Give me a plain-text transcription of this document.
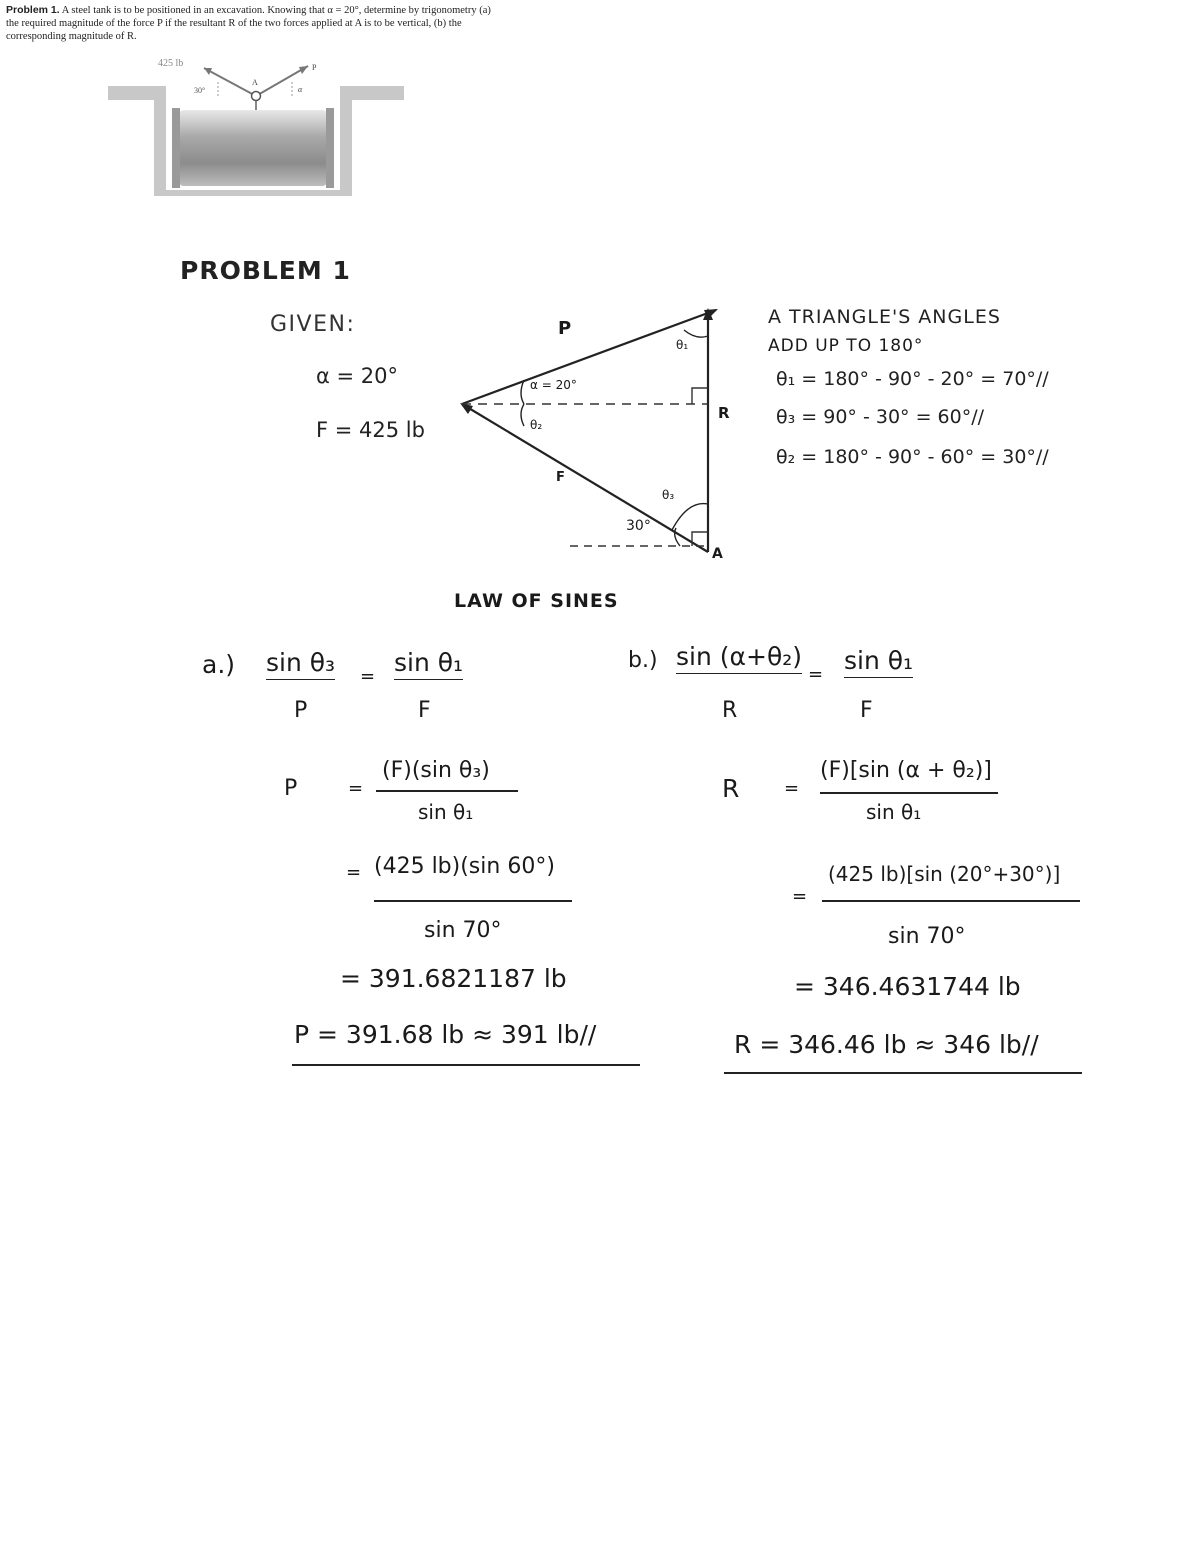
Problem 1. A steel tank is to be positioned in an excavation. Knowing that α = 20°, determine by trigonometry (a) the required magnitude of the force P if the resultant R of the two forces applied at A is to be vertical, (b) the corresponding magnitude of R.
425 lb
30°
A
P
α
PROBLEM 1
GIVEN:
α = 20°
F = 425 lb
P
F
R
A
α = 20°
θ₂
θ₁
θ₃
30°
A TRIANGLE'S ANGLES
ADD UP TO 180°
θ₁ = 180° - 90° - 20° = 70°//
θ₃ = 90° - 30° = 60°//
θ₂ = 180° - 90° - 60° = 30°//
LAW OF SINES
a.) sin θ₃ = sin θ₁
P	F
P	=
(F)(sin θ₃)
sin θ₁
= (425 lb)(sin 60°)
sin 70°
= 391.6821187 lb
P = 391.68 lb ≈ 391 lb//
b.) sin (α+θ₂)
= sin θ₁
R	F
R =
(F)[sin (α + θ₂)]
sin θ₁
=
(425 lb)[sin (20°+30°)]
sin 70°
= 346.4631744 lb
R = 346.46 lb ≈ 346 lb//
